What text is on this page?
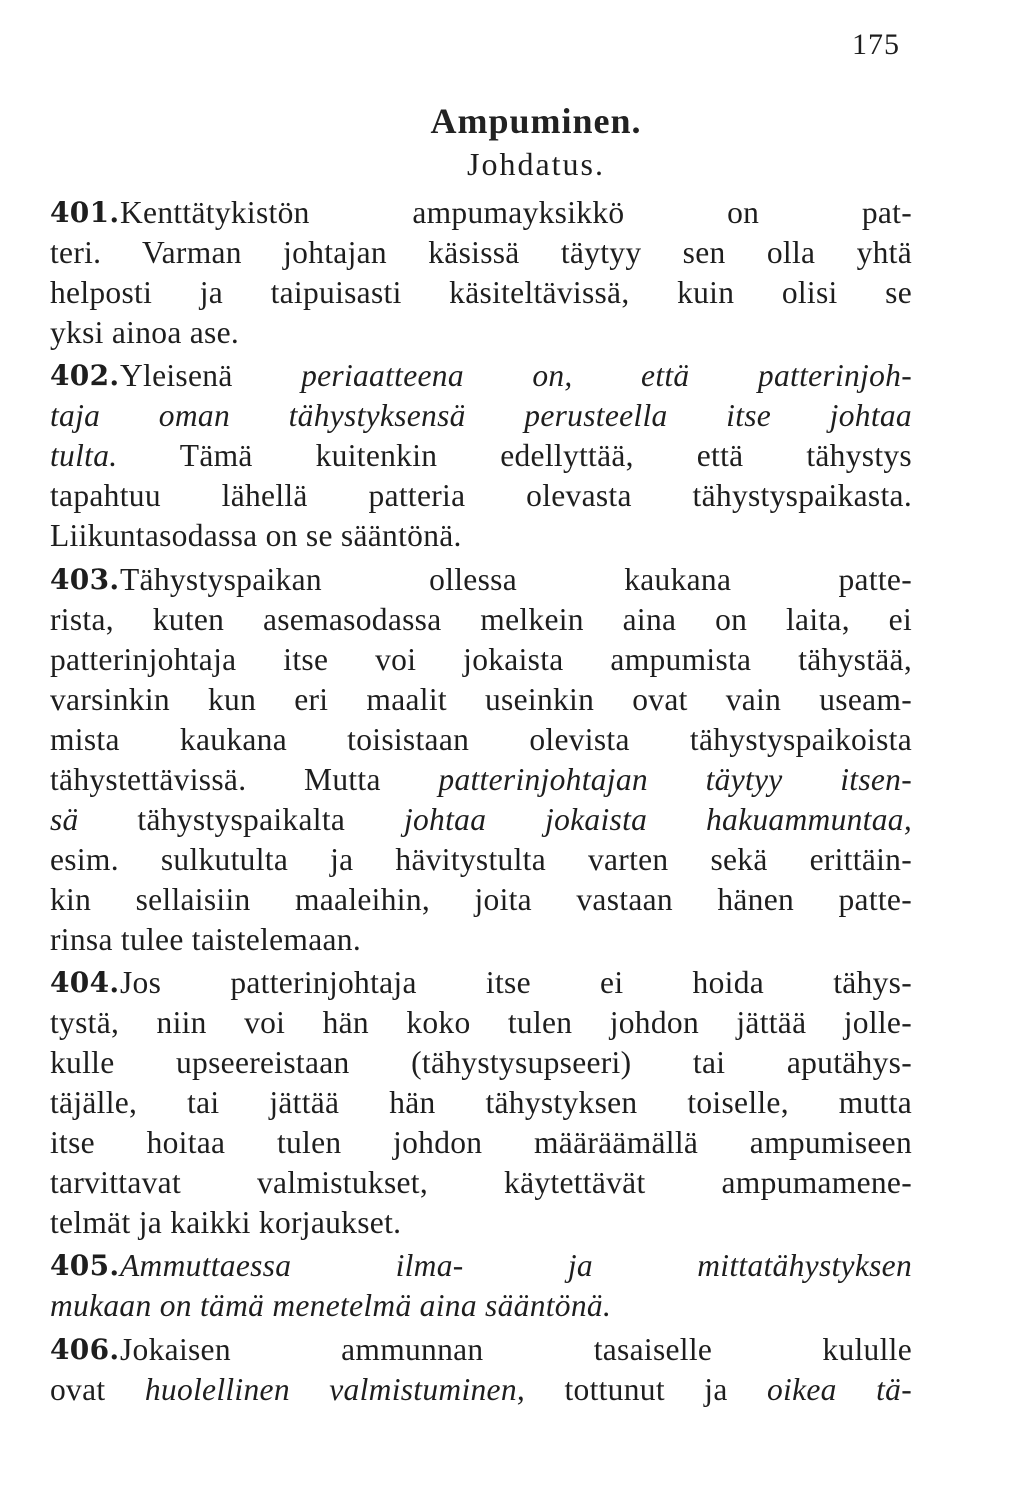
175
Ampuminen.
Johdatus.
401. Kenttätykistön ampumayksikkö on pat-
teri. Varman johtajan käsissä täytyy sen olla yhtä
helposti ja taipuisasti käsiteltävissä, kuin olisi se
yksi ainoa ase.
402. Yleisenä periaatteena on, että patterinjoh-
taja oman tähystyksensä perusteella itse johtaa
tulta. Tämä kuitenkin edellyttää, että tähystys
tapahtuu lähellä patteria olevasta tähystyspaikasta.
Liikuntasodassa on se sääntönä.
403. Tähystyspaikan ollessa kaukana patte-
rista, kuten asemasodassa melkein aina on laita, ei
patterinjohtaja itse voi jokaista ampumista tähystää,
varsinkin kun eri maalit useinkin ovat vain useam-
mista kaukana toisistaan olevista tähystyspaikoista
tähystettävissä. Mutta patterinjohtajan täytyy itsen-
sä tähystyspaikalta johtaa jokaista hakuammuntaa,
esim. sulkutulta ja hävitystulta varten sekä erittäin-
kin sellaisiin maaleihin, joita vastaan hänen patte-
rinsa tulee taistelemaan.
404. Jos patterinjohtaja itse ei hoida tähys-
tystä, niin voi hän koko tulen johdon jättää jolle-
kulle upseereistaan (tähystysupseeri) tai aputähys-
täjälle, tai jättää hän tähystyksen toiselle, mutta
itse hoitaa tulen johdon määräämällä ampumiseen
tarvittavat valmistukset, käytettävät ampumamene-
telmät ja kaikki korjaukset.
405. Ammuttaessa ilma- ja mittatähystyksen
mukaan on tämä menetelmä aina sääntönä.
406. Jokaisen ammunnan tasaiselle kululle
ovat huolellinen valmistuminen, tottunut ja oikea tä-
